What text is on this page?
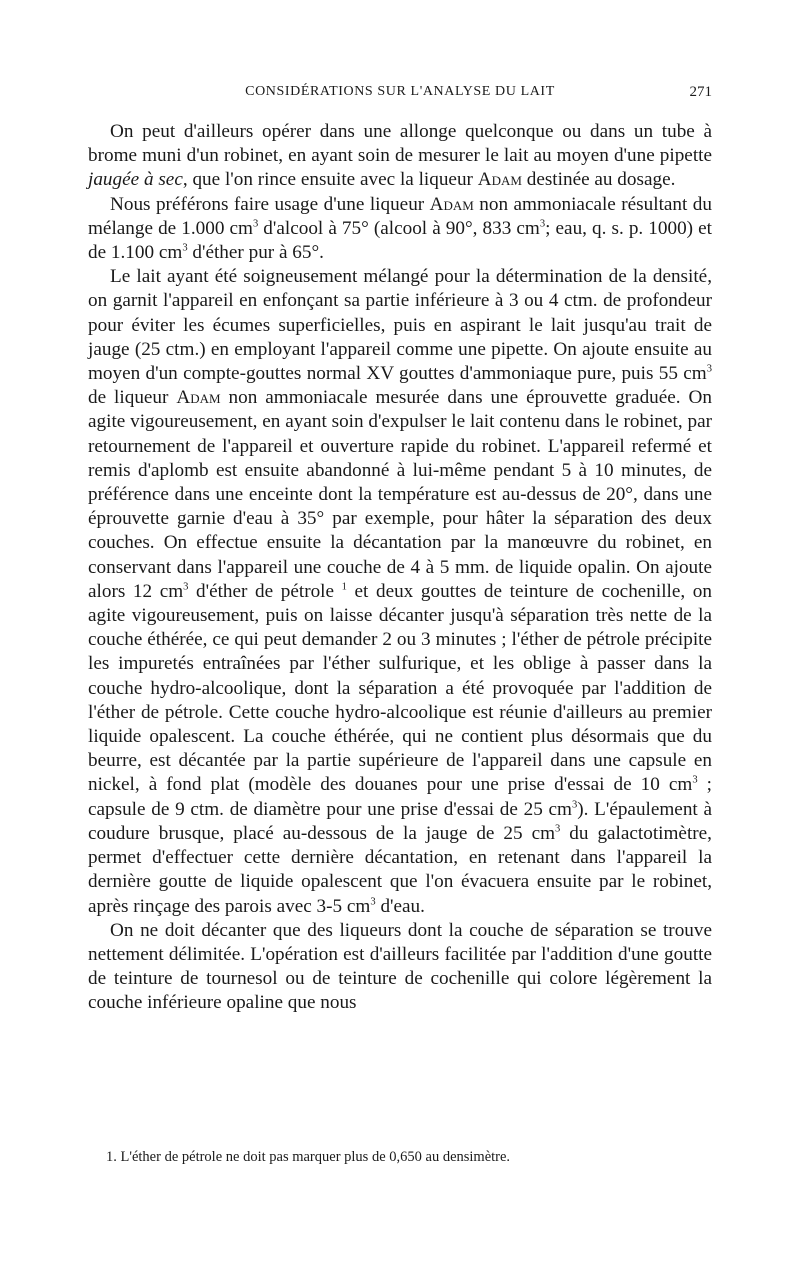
CONSIDÉRATIONS SUR L'ANALYSE DU LAIT	271

On peut d'ailleurs opérer dans une allonge quelconque ou dans un tube à brome muni d'un robinet, en ayant soin de mesurer le lait au moyen d'une pipette jaugée à sec, que l'on rince ensuite avec la liqueur Adam destinée au dosage.

Nous préférons faire usage d'une liqueur Adam non ammoniacale résultant du mélange de 1.000 $cm^3$ d'alcool à 75° (alcool à 90°, 833 $cm^3$; eau, q. s. p. 1000) et de 1.100 $cm^3$ d'éther pur à 65°.

Le lait ayant été soigneusement mélangé pour la détermination de la densité, on garnit l'appareil en enfonçant sa partie inférieure à 3 ou 4 ctm. de profondeur pour éviter les écumes superficielles, puis en aspirant le lait jusqu'au trait de jauge (25 ctm.) en employant l'appareil comme une pipette. On ajoute ensuite au moyen d'un compte-gouttes normal XV gouttes d'ammoniaque pure, puis 55 $cm^3$ de liqueur Adam non ammoniacale mesurée dans une éprouvette graduée. On agite vigoureusement, en ayant soin d'expulser le lait contenu dans le robinet, par retournement de l'appareil et ouverture rapide du robinet. L'appareil refermé et remis d'aplomb est ensuite abandonné à lui-même pendant 5 à 10 minutes, de préférence dans une enceinte dont la température est au-dessus de 20°, dans une éprouvette garnie d'eau à 35° par exemple, pour hâter la séparation des deux couches. On effectue ensuite la décantation par la manœuvre du robinet, en conservant dans l'appareil une couche de 4 à 5 mm. de liquide opalin. On ajoute alors 12 $cm^3$ d'éther de pétrole $^1$ et deux gouttes de teinture de cochenille, on agite vigoureusement, puis on laisse décanter jusqu'à séparation très nette de la couche éthérée, ce qui peut demander 2 ou 3 minutes ; l'éther de pétrole précipite les impuretés entraînées par l'éther sulfurique, et les oblige à passer dans la couche hydro-alcoolique, dont la séparation a été provoquée par l'addition de l'éther de pétrole. Cette couche hydro-alcoolique est réunie d'ailleurs au premier liquide opalescent. La couche éthérée, qui ne contient plus désormais que du beurre, est décantée par la partie supérieure de l'appareil dans une capsule en nickel, à fond plat (modèle des douanes pour une prise d'essai de 10 $cm^3$ ; capsule de 9 ctm. de diamètre pour une prise d'essai de 25 $cm^3$). L'épaulement à coudure brusque, placé au-dessous de la jauge de 25 $cm^3$ du galactotimètre, permet d'effectuer cette dernière décantation, en retenant dans l'appareil la dernière goutte de liquide opalescent que l'on évacuera ensuite par le robinet, après rinçage des parois avec 3-5 $cm^3$ d'eau.

On ne doit décanter que des liqueurs dont la couche de séparation se trouve nettement délimitée. L'opération est d'ailleurs facilitée par l'addition d'une goutte de teinture de tournesol ou de teinture de cochenille qui colore légèrement la couche inférieure opaline que nous

1. L'éther de pétrole ne doit pas marquer plus de 0,650 au densimètre.
